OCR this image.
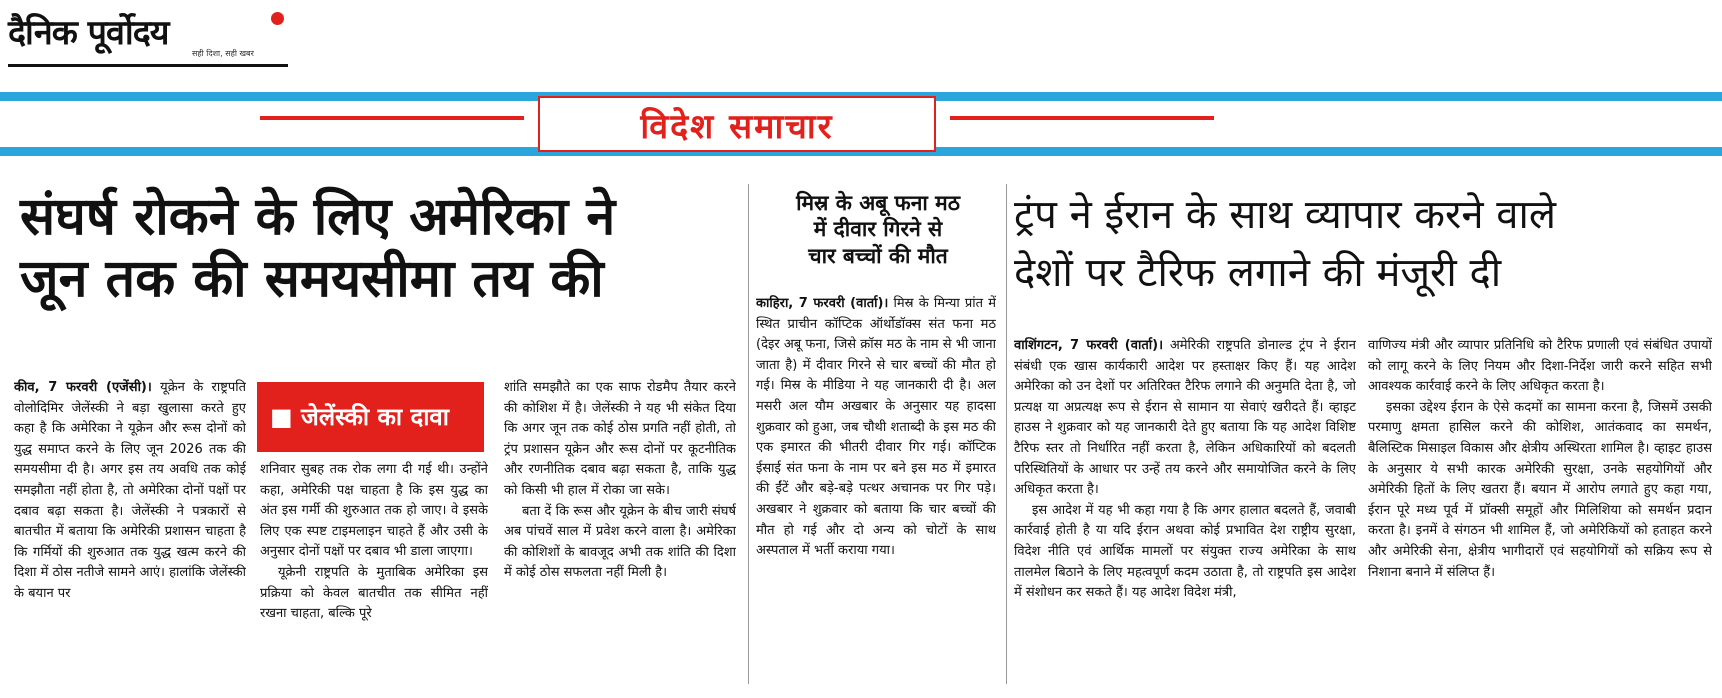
दैनिक पूर्वोदय
सही दिशा, सही खबर
विदेश समाचार
संघर्ष रोकने के लिए अमेरिका ने
जून तक की समयसीमा तय की

कीव, 7 फरवरी (एजेंसी)। यूक्रेन के राष्ट्रपति वोलोदिमिर जेलेंस्की ने बड़ा खुलासा करते हुए कहा है कि अमेरिका ने यूक्रेन और रूस दोनों को युद्ध समाप्त करने के लिए जून 2026 तक की समयसीमा दी है। अगर इस तय अवधि तक कोई समझौता नहीं होता है, तो अमेरिका दोनों पक्षों पर दबाव बढ़ा सकता है। जेलेंस्की ने पत्रकारों से बातचीत में बताया कि अमेरिकी प्रशासन चाहता है कि गर्मियों की शुरुआत तक युद्ध खत्म करने की दिशा में ठोस नतीजे सामने आएं। हालांकि जेलेंस्की के बयान पर

■ जेलेंस्की का दावा

शनिवार सुबह तक रोक लगा दी गई थी। उन्होंने कहा, अमेरिकी पक्ष चाहता है कि इस युद्ध का अंत इस गर्मी की शुरुआत तक हो जाए। वे इसके लिए एक स्पष्ट टाइमलाइन चाहते हैं और उसी के अनुसार दोनों पक्षों पर दबाव भी डाला जाएगा।

यूक्रेनी राष्ट्रपति के मुताबिक अमेरिका इस प्रक्रिया को केवल बातचीत तक सीमित नहीं रखना चाहता, बल्कि पूरे

शांति समझौते का एक साफ रोडमैप तैयार करने की कोशिश में है। जेलेंस्की ने यह भी संकेत दिया कि अगर जून तक कोई ठोस प्रगति नहीं होती, तो ट्रंप प्रशासन यूक्रेन और रूस दोनों पर कूटनीतिक और रणनीतिक दबाव बढ़ा सकता है, ताकि युद्ध को किसी भी हाल में रोका जा सके।

बता दें कि रूस और यूक्रेन के बीच जारी संघर्ष अब पांचवें साल में प्रवेश करने वाला है। अमेरिका की कोशिशों के बावजूद अभी तक शांति की दिशा में कोई ठोस सफलता नहीं मिली है।

मिस्र के अबू फना मठ
में दीवार गिरने से
चार बच्चों की मौत

काहिरा, 7 फरवरी (वार्ता)। मिस्र के मिन्या प्रांत में स्थित प्राचीन कॉप्टिक ऑर्थोडॉक्स संत फना मठ (देइर अबू फना, जिसे क्रॉस मठ के नाम से भी जाना जाता है) में दीवार गिरने से चार बच्चों की मौत हो गई। मिस्र के मीडिया ने यह जानकारी दी है। अल मसरी अल यौम अखबार के अनुसार यह हादसा शुक्रवार को हुआ, जब चौथी शताब्दी के इस मठ की एक इमारत की भीतरी दीवार गिर गई। कॉप्टिक ईसाई संत फना के नाम पर बने इस मठ में इमारत की ईंटें और बड़े-बड़े पत्थर अचानक पर गिर पड़े। अखबार ने शुक्रवार को बताया कि चार बच्चों की मौत हो गई और दो अन्य को चोटों के साथ अस्पताल में भर्ती कराया गया।

ट्रंप ने ईरान के साथ व्यापार करने वाले
देशों पर टैरिफ लगाने की मंजूरी दी

वाशिंगटन, 7 फरवरी (वार्ता)। अमेरिकी राष्ट्रपति डोनाल्ड ट्रंप ने ईरान संबंधी एक खास कार्यकारी आदेश पर हस्ताक्षर किए हैं। यह आदेश अमेरिका को उन देशों पर अतिरिक्त टैरिफ लगाने की अनुमति देता है, जो प्रत्यक्ष या अप्रत्यक्ष रूप से ईरान से सामान या सेवाएं खरीदते हैं। व्हाइट हाउस ने शुक्रवार को यह जानकारी देते हुए बताया कि यह आदेश विशिष्ट टैरिफ स्तर तो निर्धारित नहीं करता है, लेकिन अधिकारियों को बदलती परिस्थितियों के आधार पर उन्हें तय करने और समायोजित करने के लिए अधिकृत करता है।

इस आदेश में यह भी कहा गया है कि अगर हालात बदलते हैं, जवाबी कार्रवाई होती है या यदि ईरान अथवा कोई प्रभावित देश राष्ट्रीय सुरक्षा, विदेश नीति एवं आर्थिक मामलों पर संयुक्त राज्य अमेरिका के साथ तालमेल बिठाने के लिए महत्वपूर्ण कदम उठाता है, तो राष्ट्रपति इस आदेश में संशोधन कर सकते हैं। यह आदेश विदेश मंत्री,

वाणिज्य मंत्री और व्यापार प्रतिनिधि को टैरिफ प्रणाली एवं संबंधित उपायों को लागू करने के लिए नियम और दिशा-निर्देश जारी करने सहित सभी आवश्यक कार्रवाई करने के लिए अधिकृत करता है।

इसका उद्देश्य ईरान के ऐसे कदमों का सामना करना है, जिसमें उसकी परमाणु क्षमता हासिल करने की कोशिश, आतंकवाद का समर्थन, बैलिस्टिक मिसाइल विकास और क्षेत्रीय अस्थिरता शामिल है। व्हाइट हाउस के अनुसार ये सभी कारक अमेरिकी सुरक्षा, उनके सहयोगियों और अमेरिकी हितों के लिए खतरा हैं। बयान में आरोप लगाते हुए कहा गया, ईरान पूरे मध्य पूर्व में प्रॉक्सी समूहों और मिलिशिया को समर्थन प्रदान करता है। इनमें वे संगठन भी शामिल हैं, जो अमेरिकियों को हताहत करने और अमेरिकी सेना, क्षेत्रीय भागीदारों एवं सहयोगियों को सक्रिय रूप से निशाना बनाने में संलिप्त हैं।
